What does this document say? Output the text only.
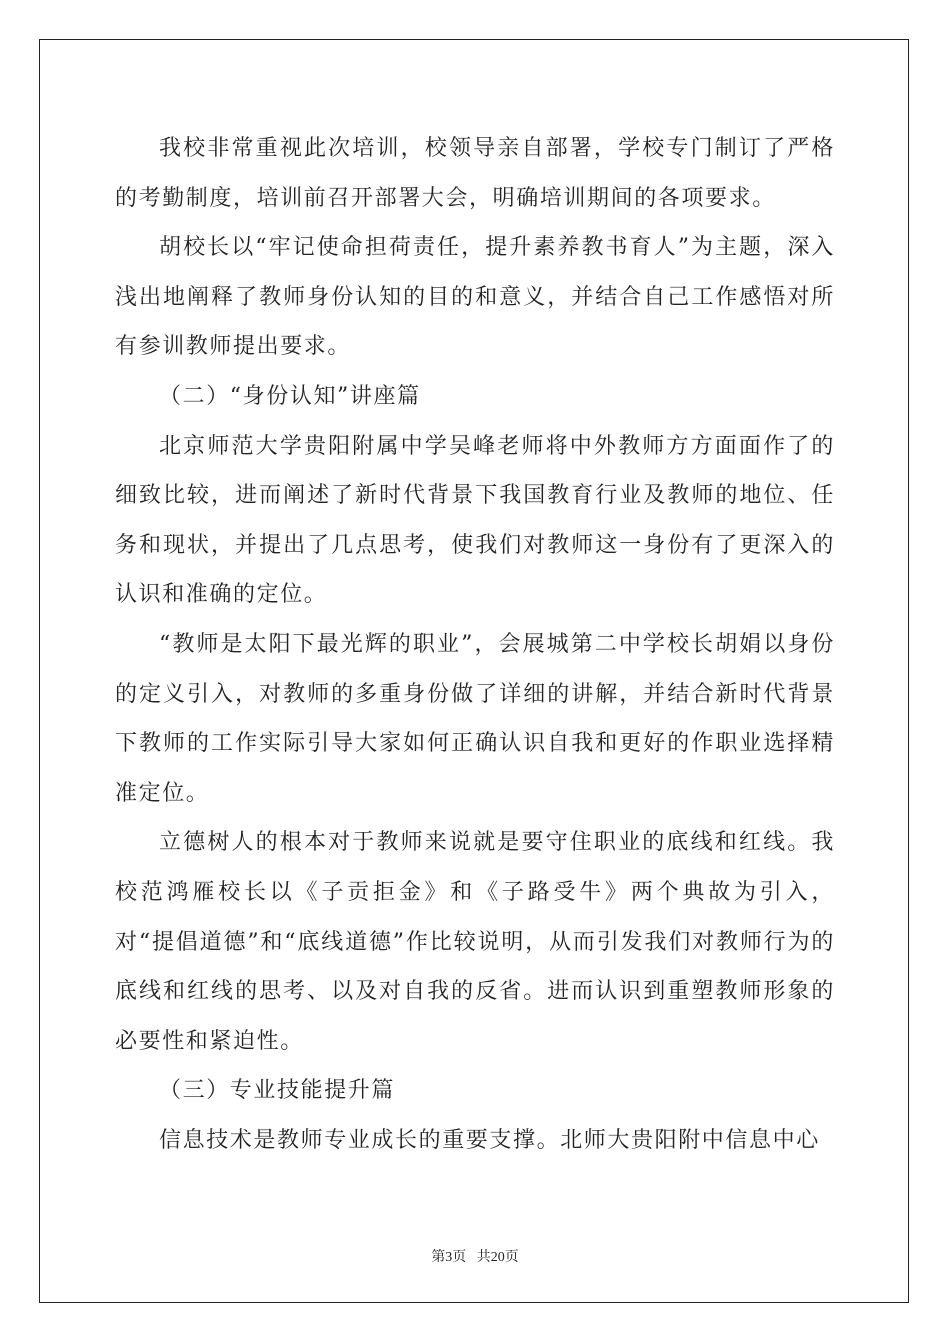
我校非常重视此次培训，校领导亲自部署，学校专门制订了严格的考勤制度，培训前召开部署大会，明确培训期间的各项要求。

胡校长以“牢记使命担荷责任，提升素养教书育人”为主题，深入浅出地阐释了教师身份认知的目的和意义，并结合自己工作感悟对所有参训教师提出要求。

（二）“身份认知”讲座篇

北京师范大学贵阳附属中学吴峰老师将中外教师方方面面作了的细致比较，进而阐述了新时代背景下我国教育行业及教师的地位、任务和现状，并提出了几点思考，使我们对教师这一身份有了更深入的认识和准确的定位。

“教师是太阳下最光辉的职业”，会展城第二中学校长胡娟以身份的定义引入，对教师的多重身份做了详细的讲解，并结合新时代背景下教师的工作实际引导大家如何正确认识自我和更好的作职业选择精准定位。

立德树人的根本对于教师来说就是要守住职业的底线和红线。我校范鸿雁校长以《子贡拒金》和《子路受牛》两个典故为引入，对“提倡道德”和“底线道德”作比较说明，从而引发我们对教师行为的底线和红线的思考、以及对自我的反省。进而认识到重塑教师形象的必要性和紧迫性。

（三）专业技能提升篇

信息技术是教师专业成长的重要支撑。北师大贵阳附中信息中心

第3页 共20页
